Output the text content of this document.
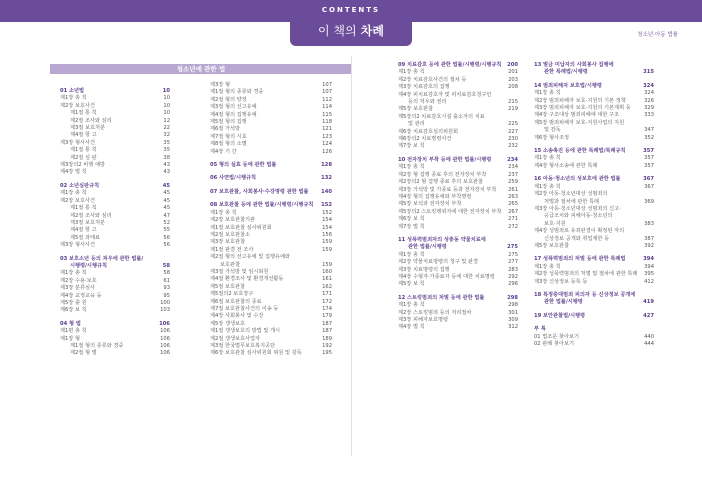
CONTENTS
이 책의 차례	청소년·아동 법률
청소년에 관한 법
01 소년법	10
제1장 총 칙	10
제2장 보호사건	10
제1절 통 칙	10
제2절 조사와 심리	12
제3절 보호처분	22
제4절 항 고	32
제3장 형사사건	35
제1절 통 칙	35
제2절 심 판	38
제3장의2 비행 예방	43
제4장 벌 칙	43
02 소년심판규칙	45
제1장 총 칙	45
제2장 보호사건	45
제1절 통 칙	45
제2절 조사와 심리	47
제3절 보호처분	52
제4절 항 고	55
제5절 과태료	56
제3장 형사사건	56
03 보호소년 등의 처우에 관한 법률/
시행령/시행규칙	58
제1장 총 칙	58
제2장 수용·보호	61
제3장 분류심사	93
제4장 교정교육 등	95
제5장 출 원	100
제6장 보 칙	103
04 형 법	106
제1편 총 칙	106
제1장 형	106
제1절 형의 종류와 경중	106
제2절 형 벌	106
제3장 형	107
제1절 형의 종류와 경중	107
제2절 형의 양정	112
제3절 형의 선고유예	114
제4절 형의 집행유예	115
제5절 형의 집행	118
제6절 가석방	121
제7절 형의 시효	123
제8절 형의 소멸	124
제4장 기 간	126
05 형의 실효 등에 관한 법률	128
06 사면법/시행규칙	132
07 보호관찰, 사회봉사·수강명령 관한 법률 140
08 보호관찰 등에 관한 법률/시행령/시행규칙 152
제1장 총 칙	152
제2장 보호관찰기관	154
제1절 보호관찰 심사위원회	154
제2절 보호관찰소	156
제3장 보호관찰	159
제1절 판결 전 조사	159
제2절 형의 선고유예 및 집행유예와
보호관찰	159
제3절 가석방 및 임시퇴원	160
제4절 환경조사 및 환경개선활동	161
제5절 보호관찰	162
제5절의2 보호장구	171
제6절 보호관찰의 종료	172
제7절 보호관찰사건의 이송 등	174
제4장 사회봉사 및 수강	179
제5장 갱생보호	187
제1절 갱생보호의 방법 및 개시	187
제2절 갱생보호사업자	189
제3절 한국법무보호복지공단	192
제6장 보호관찰 심사위원회 위원 및 감독	195
09 치료감호 등에 관한 법률/시행령/시행규칙 200
제1장 총 칙	201
제2장 치료감호사건의 절차 등	203
제3장 치료감호의 집행	208
제4장 피치료감호자 및 피치료감호청구인
등의 처우와 권리	215
제5장 보호관찰	219
제5장의2 치료감호시설 출소자의 치료
및 관리	225
제6장 치료감호심의위원회	227
제6장의2 치료명령사건	230
제7장 보 칙	232
10 전자장치 부착 등에 관한 법률/시행령	234
제1장 총 칙	234
제2장 형 집행 종료 후의 전자장치 부착	237
제2장의2 형 집행 종료 후의 보호관찰	259
제3장 가석방 및 가종료 등과 전자장치 부착	261
제4장 형의 집행유예와 부착명령	263
제5장 보석과 전자장치 부착	265
제5장의2 스토킹행위자에 대한 전자장치 부착	267
제6장 보 칙	271
제7장 벌 칙	272
11 성폭력범죄자의 성충동 약물치료에
관한 법률/시행령	275
제1장 총 칙	275
제2장 약물치료명령의 청구 및 판결	277
제3장 치료명령의 집행	283
제4장 수형자·가종료자 등에 대한 치료명령	292
제5장 보 칙	296
12 스토킹범죄의 처벌 등에 관한 법률	298
제1장 총 칙	298
제2장 스토킹범죄 등의 처리절차	301
제3장 피해자보호명령	309
제4장 벌 칙	312
13 벌금 미납자의 사회봉사 집행에
관한 특례법/시행령	315
14 범죄피해자 보호법/시행령	324
제1장 총 칙	324
제2장 범죄피해자 보호·지원의 기본 정책	326
제3장 범죄피해자 보호·지원의 기본계획 등	329
제4장 구조대상 범죄피해에 대한 구조	333
제5장 범죄피해자 보호·지원사업의 지원
및 감독	347
제6장 형사조정	352
15 소송촉진 등에 관한 특례법/특례규칙	357
제1장 총 칙	357
제4장 형사소송에 관한 특례	357
16 아동·청소년의 성보호에 관한 법률	367
제1장 총 칙	367
제2장 아동·청소년대상 성범죄의
처벌과 절차에 관한 특례	369
제3장 아동·청소년대상 성범죄의 신고·
응급조치와 피해아동·청소년의
보호·지원	383
제4장 성범죄로 유죄판결이 확정된 자의
신상정보 공개와 취업제한 등	387
제5장 보호관찰	392
17 성폭력범죄의 처벌 등에 관한 특례법	394
제1장 총 칙	394
제2장 성폭력범죄의 처벌 및 절차에 관한 특례	395
제3장 신상정보 등록 등	412
18 특정중대범죄 피의자 등 신상정보 공개에
관한 법률/시행령	419
19 보안관찰법/시행령	427
부 록
01 법조문 찾아보기	440
02 판례 찾아보기	444
